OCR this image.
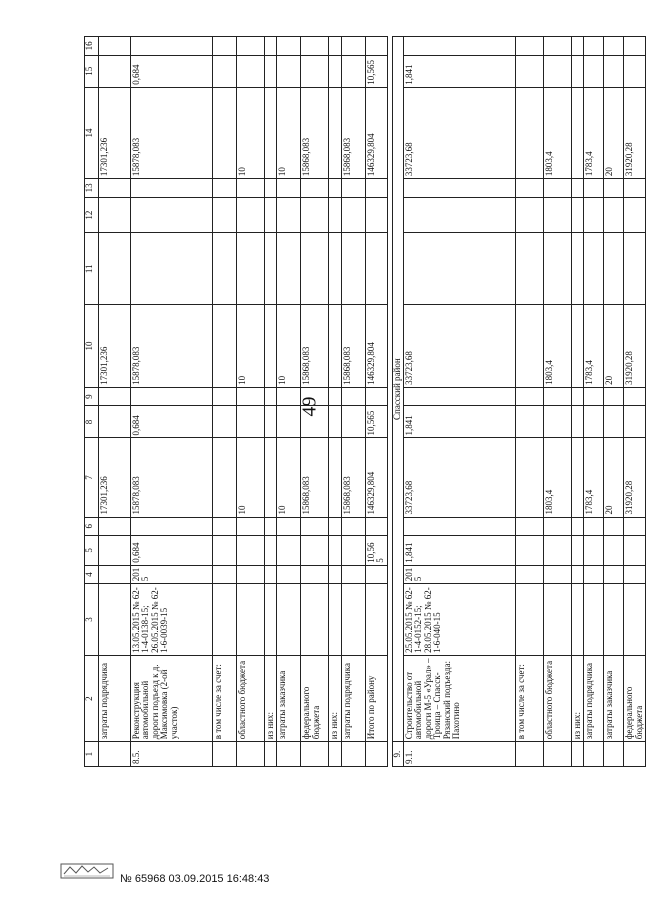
49
1	2	3	4	5	6	7	8	9	10	11	12	13	14	15	16
	затраты подрядчика					17301,236			17301,236				17301,236		
8.5.	Реконструкция автомобильной дороги подъезд к д. Максимовка (2-ой участок)	13.05.2015 № 62-1-4-0138-15; 26.05.2015 № 62-1-6-0039-15	2015	0,684		15878,083	0,684		15878,083				15878,083	0,684	
	в том числе за счет:														
	областного бюджета					10			10				10		
	из них:														
	затраты заказчика					10			10				10		
	федерального бюджета					15868,083			15868,083				15868,083		
	из них:														
	затраты подрядчика					15868,083			15868,083				15868,083		
	Итого по району			10,565		146329,804	10,565		146329,804				146329,804	10,565	

9.	Спасский район														
9.1.	Строительство от автомобильной дороги М-5 «Урал» – Троица – Спасск-Рязанский подъезда: Пахотино	25.05.2015 № 62-1-4-0152-15; 28.05.2015 № 62-1-6-040-15	2015	1,841		33723,68	1,841		33723,68				33723,68	1,841	
	в том числе за счет:														
	областного бюджета					1803,4			1803,4				1803,4		
	из них:														
	затраты подрядчика					1783,4			1783,4				1783,4		
	затраты заказчика					20			20				20		
	федерального бюджета					31920,28			31920,28				31920,28		
№ 65968 03.09.2015 16:48:43
